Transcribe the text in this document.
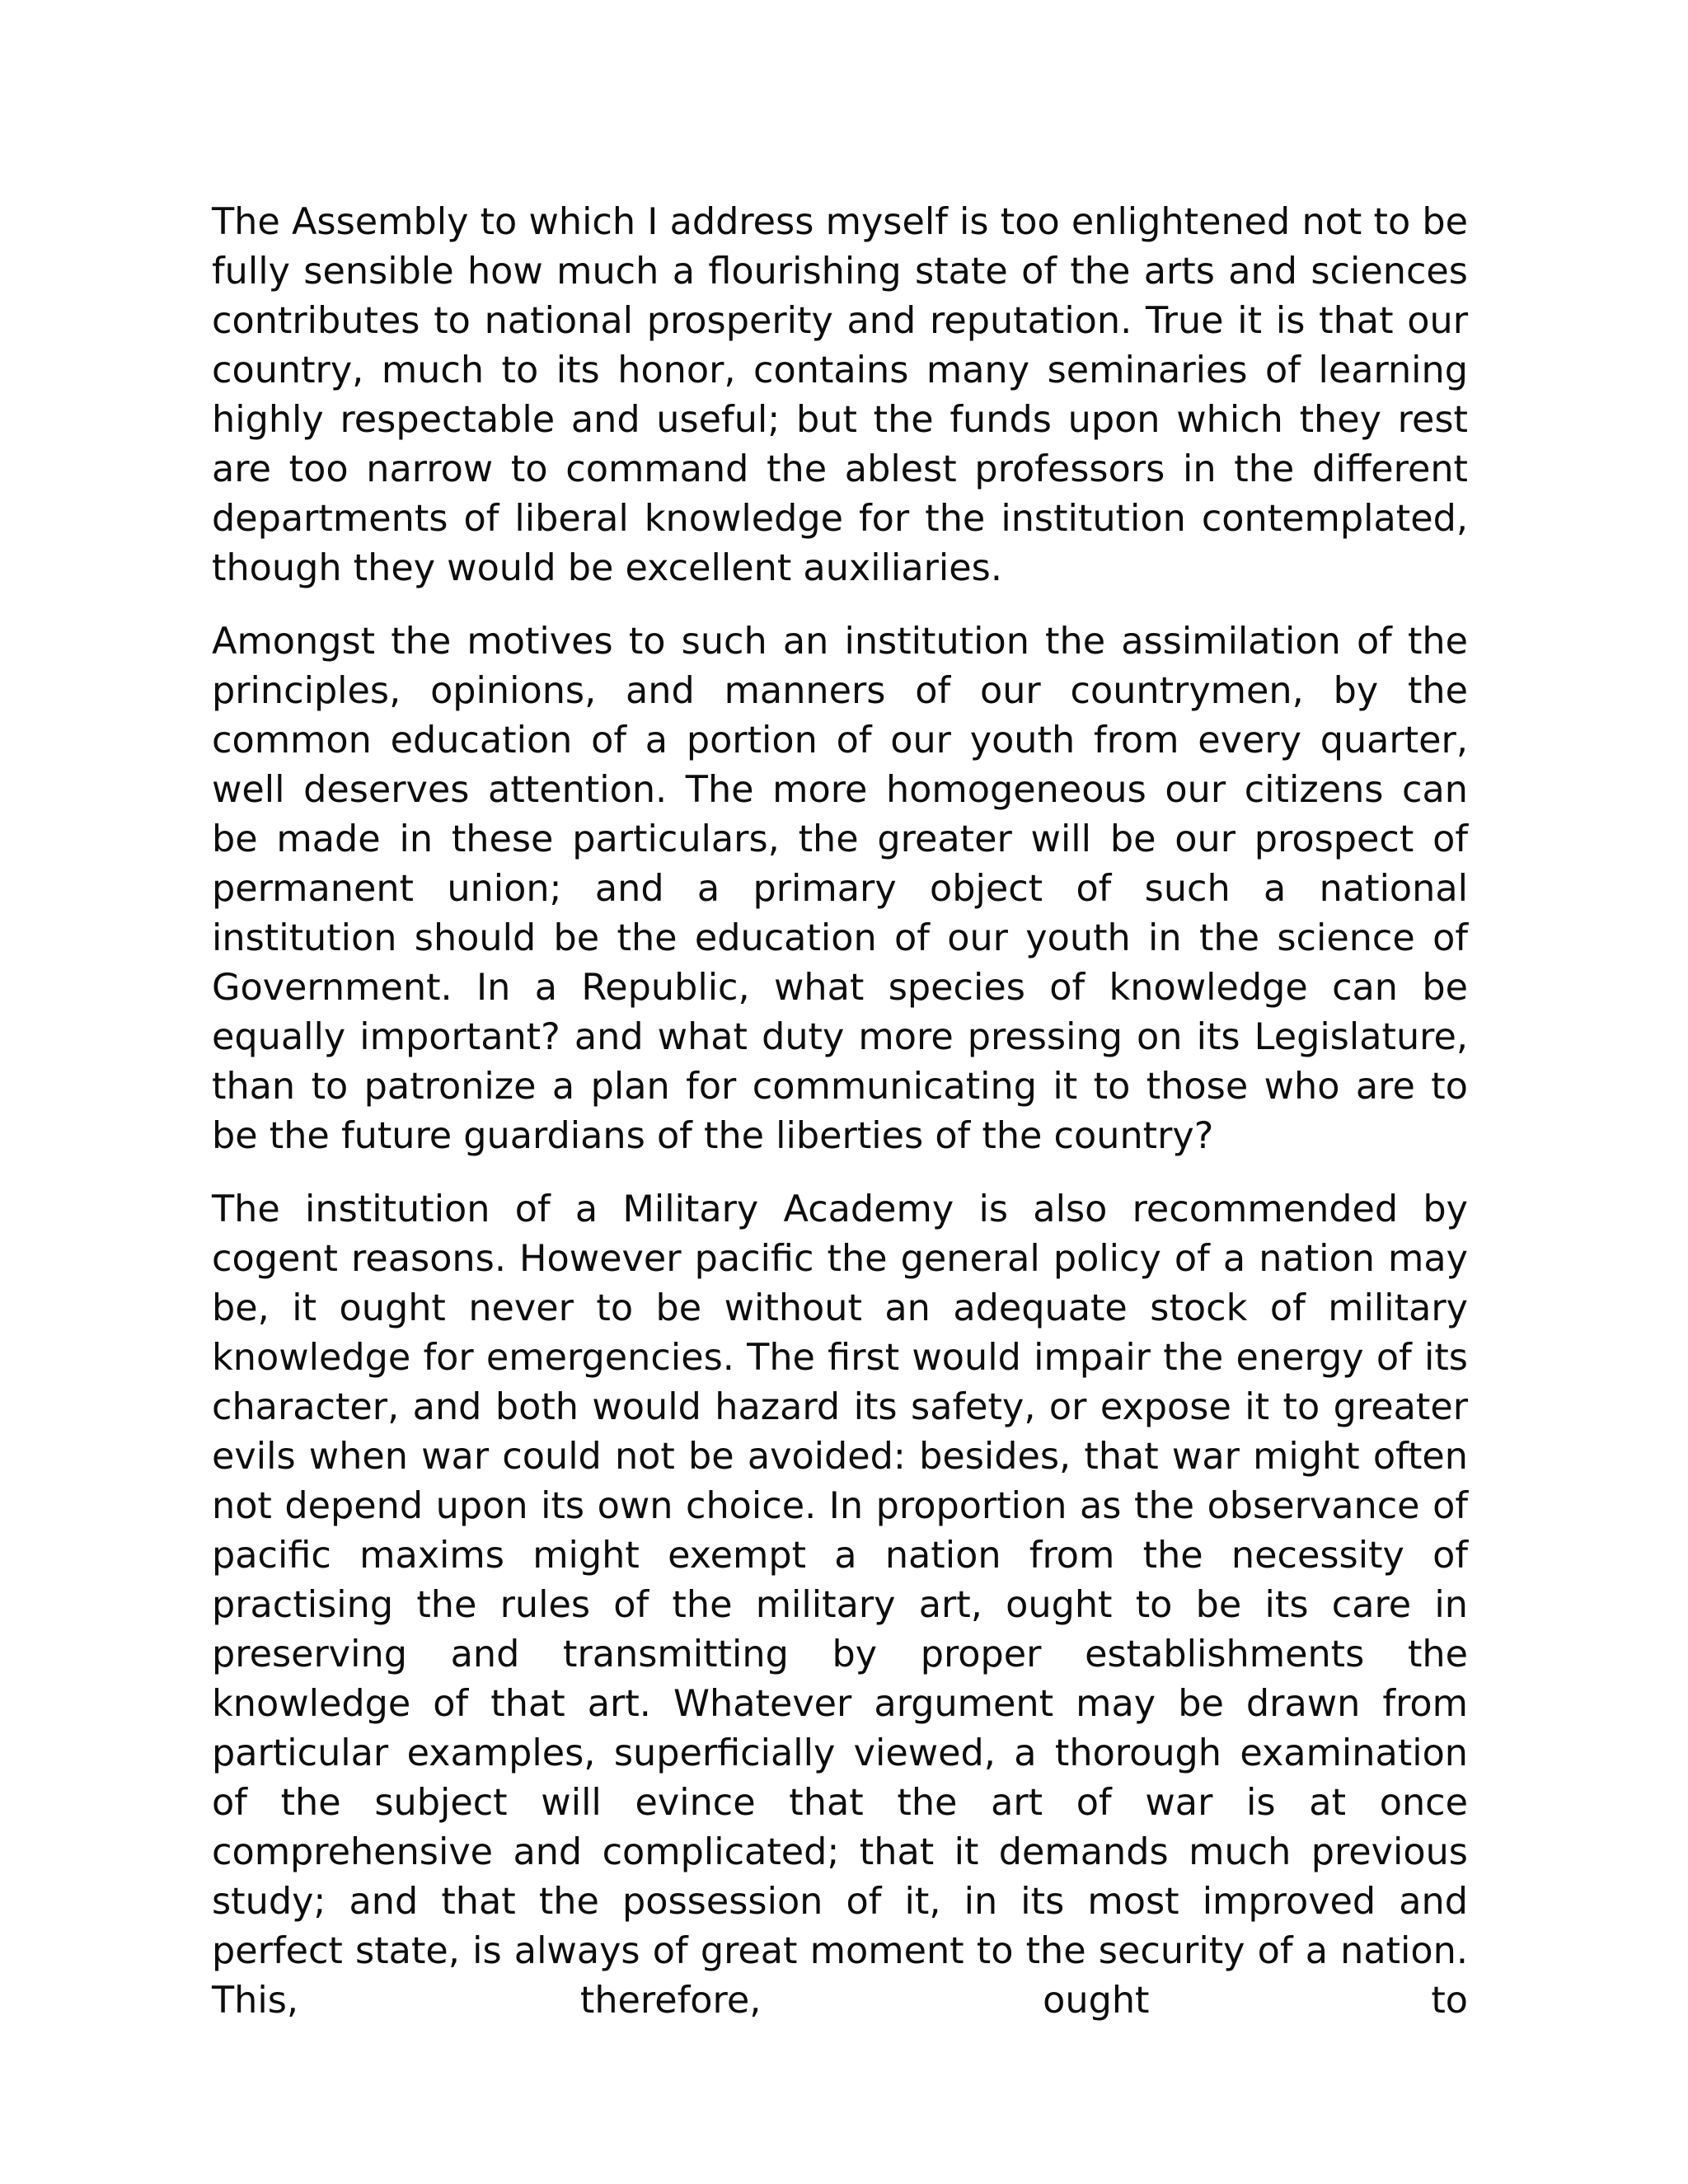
The Assembly to which I address myself is too enlightened not to be fully sensible how much a flourishing state of the arts and sciences contributes to national prosperity and reputation. True it is that our country, much to its honor, contains many seminaries of learning highly respectable and useful; but the funds upon which they rest are too narrow to command the ablest professors in the different departments of liberal knowledge for the institution contemplated, though they would be excellent auxiliaries.

Amongst the motives to such an institution the assimilation of the principles, opinions, and manners of our countrymen, by the common education of a portion of our youth from every quarter, well deserves attention. The more homogeneous our citizens can be made in these particulars, the greater will be our prospect of permanent union; and a primary object of such a national institution should be the education of our youth in the science of Government. In a Republic, what species of knowledge can be equally important? and what duty more pressing on its Legislature, than to patronize a plan for communicating it to those who are to be the future guardians of the liberties of the country?

The institution of a Military Academy is also recommended by cogent reasons. However pacific the general policy of a nation may be, it ought never to be without an adequate stock of military knowledge for emergencies. The first would impair the energy of its character, and both would hazard its safety, or expose it to greater evils when war could not be avoided: besides, that war might often not depend upon its own choice. In proportion as the observance of pacific maxims might exempt a nation from the necessity of practising the rules of the military art, ought to be its care in preserving and transmitting by proper establishments the knowledge of that art. Whatever argument may be drawn from particular examples, superficially viewed, a thorough examination of the subject will evince that the art of war is at once comprehensive and complicated; that it demands much previous study; and that the possession of it, in its most improved and perfect state, is always of great moment to the security of a nation. This, therefore, ought to
